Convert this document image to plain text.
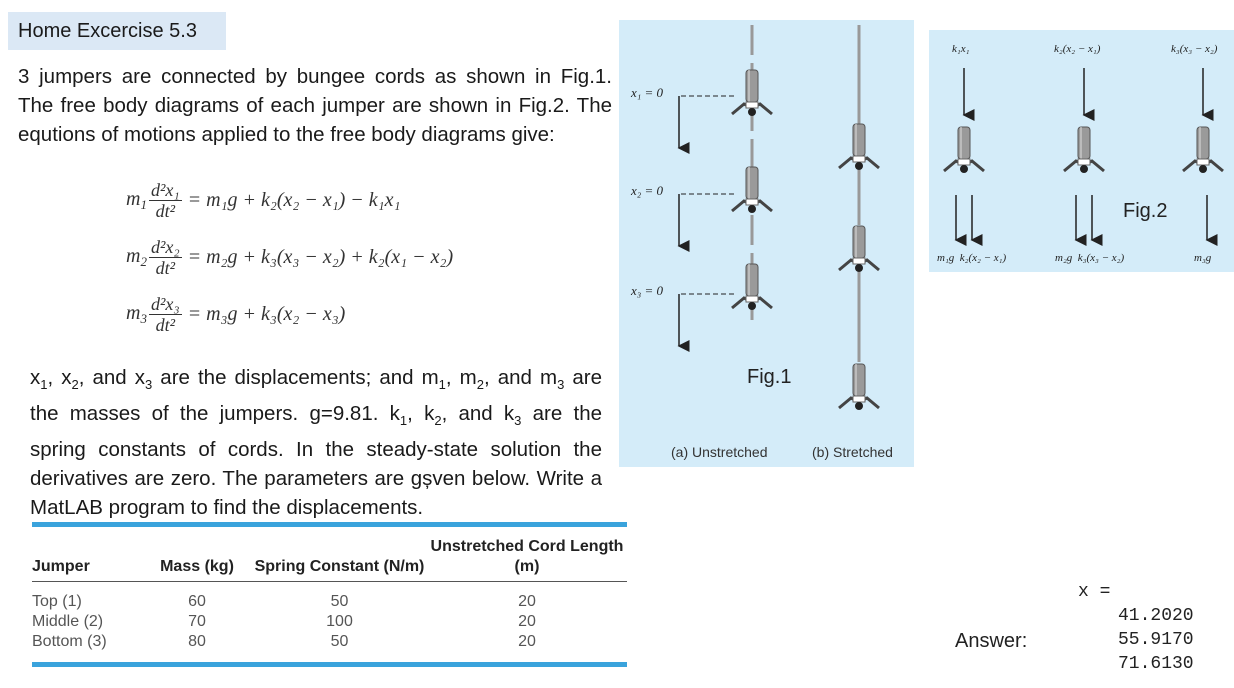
Home Excercise 5.3
3 jumpers are connected by bungee cords as shown in Fig.1. The free body diagrams of each jumper are shown in Fig.2. The equtions of motions applied to the free body diagrams give:
$m_1 \frac{\text{d²x₁}}{\text{dt²}} = m_1g + k_2(x_2 - x_1) - k_1x_1$
$m_2 \frac{\text{d²x₂}}{\text{dt²}} = m_2g + k_3(x_3 - x_2) + k_2(x_1 - x_2)$
$m_3 \frac{\text{d²x₃}}{\text{dt²}} = m_3g + k_3(x_2 - x_3)$
$x_1$, $x_2$, and $x_3$ are the displacements; and $m_1$, $m_2$, and $m_3$ are the masses of the jumpers. g=9.81. $k_1$, $k_2$, and $k_3$ are the spring constants of cords. In the steady-state solution the derivatives are zero. The parameters are gșven below. Write a MatLAB program to find the displacements.
Jumper	Mass (kg)	Spring Constant (N/m)	Unstretched Cord Length (m)
Top (1)	60	50	20
Middle (2)	70	100	20
Bottom (3)	80	50	20
x₁ = 0
x₂ = 0
x₃ = 0
Fig.1
(a) Unstretched	(b) Stretched
k₁x₁	k₂(x₂ − x₁)	k₃(x₃ − x₂)
m₁g  k₂(x₂ − x₁)	m₂g  k₃(x₃ − x₂)	m₃g
Fig.2
Answer:
x =
41.2020
55.9170
71.6130
